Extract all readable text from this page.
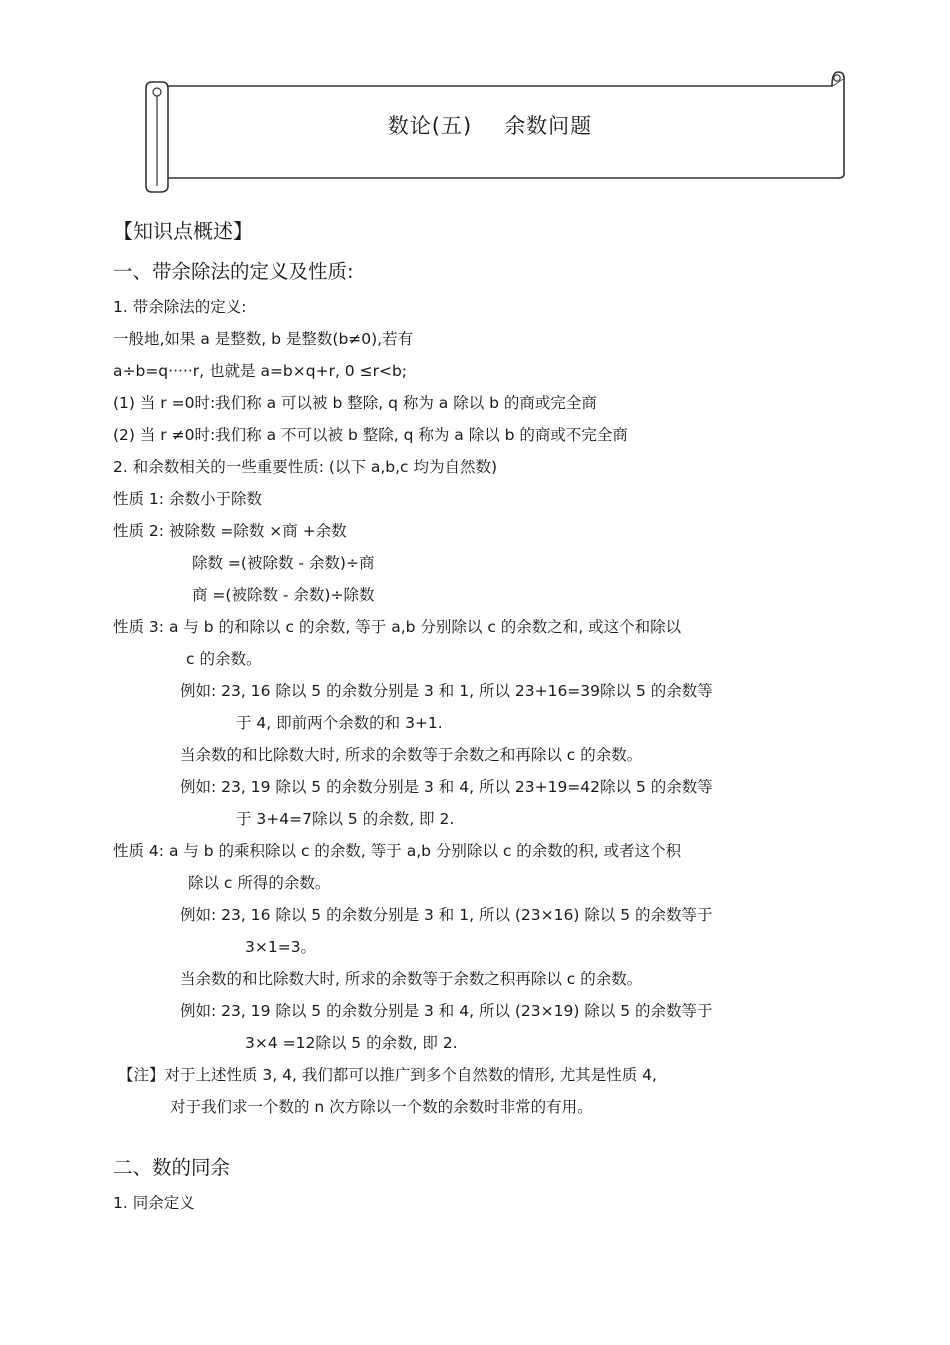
数论(五) 余数问题
【知识点概述】
一、带余除法的定义及性质:
1. 带余除法的定义:
一般地,如果 a 是整数, b 是整数(b≠0),若有
a÷b=q·····r, 也就是 a=b×q+r, 0 ≤r<b;
(1) 当 r =0时:我们称 a 可以被 b 整除, q 称为 a 除以 b 的商或完全商
(2) 当 r ≠0时:我们称 a 不可以被 b 整除, q 称为 a 除以 b 的商或不完全商
2. 和余数相关的一些重要性质: (以下 a,b,c 均为自然数)
性质 1: 余数小于除数
性质 2: 被除数 =除数 ×商 +余数
除数 =(被除数 - 余数)÷商
商 =(被除数 - 余数)÷除数
性质 3: a 与 b 的和除以 c 的余数, 等于 a,b 分别除以 c 的余数之和, 或这个和除以
c 的余数。
例如: 23, 16 除以 5 的余数分别是 3 和 1, 所以 23+16=39除以 5 的余数等
于 4, 即前两个余数的和 3+1.
当余数的和比除数大时, 所求的余数等于余数之和再除以 c 的余数。
例如: 23, 19 除以 5 的余数分别是 3 和 4, 所以 23+19=42除以 5 的余数等
于 3+4=7除以 5 的余数, 即 2.
性质 4: a 与 b 的乘积除以 c 的余数, 等于 a,b 分别除以 c 的余数的积, 或者这个积
除以 c 所得的余数。
例如: 23, 16 除以 5 的余数分别是 3 和 1, 所以 (23×16) 除以 5 的余数等于
3×1=3。
当余数的和比除数大时, 所求的余数等于余数之积再除以 c 的余数。
例如: 23, 19 除以 5 的余数分别是 3 和 4, 所以 (23×19) 除以 5 的余数等于
3×4 =12除以 5 的余数, 即 2.
【注】对于上述性质 3, 4, 我们都可以推广到多个自然数的情形, 尤其是性质 4,
对于我们求一个数的 n 次方除以一个数的余数时非常的有用。
二、数的同余
1. 同余定义
